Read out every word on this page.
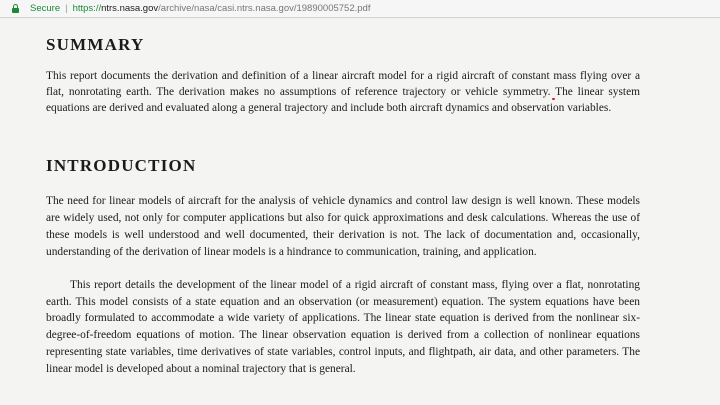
Secure | https:// ntrs.nasa.gov /archive/nasa/casi.ntrs.nasa.gov/19890005752.pdf
SUMMARY
This report documents the derivation and definition of a linear aircraft model for a rigid aircraft of constant mass flying over a flat, nonrotating earth. The derivation makes no assumptions of reference trajectory or vehicle symmetry. The linear system equations are derived and evaluated along a general trajectory and include both aircraft dynamics and observation variables.
INTRODUCTION
The need for linear models of aircraft for the analysis of vehicle dynamics and control law design is well known. These models are widely used, not only for computer applications but also for quick approximations and desk calculations. Whereas the use of these models is well understood and well documented, their derivation is not. The lack of documentation and, occasionally, understanding of the derivation of linear models is a hindrance to communication, training, and application.
This report details the development of the linear model of a rigid aircraft of constant mass, flying over a flat, nonrotating earth. This model consists of a state equation and an observation (or measurement) equation. The system equations have been broadly formulated to accommodate a wide variety of applications. The linear state equation is derived from the nonlinear six-degree-of-freedom equations of motion. The linear observation equation is derived from a collection of nonlinear equations representing state variables, time derivatives of state variables, control inputs, and flightpath, air data, and other parameters. The linear model is developed about a nominal trajectory that is general.
